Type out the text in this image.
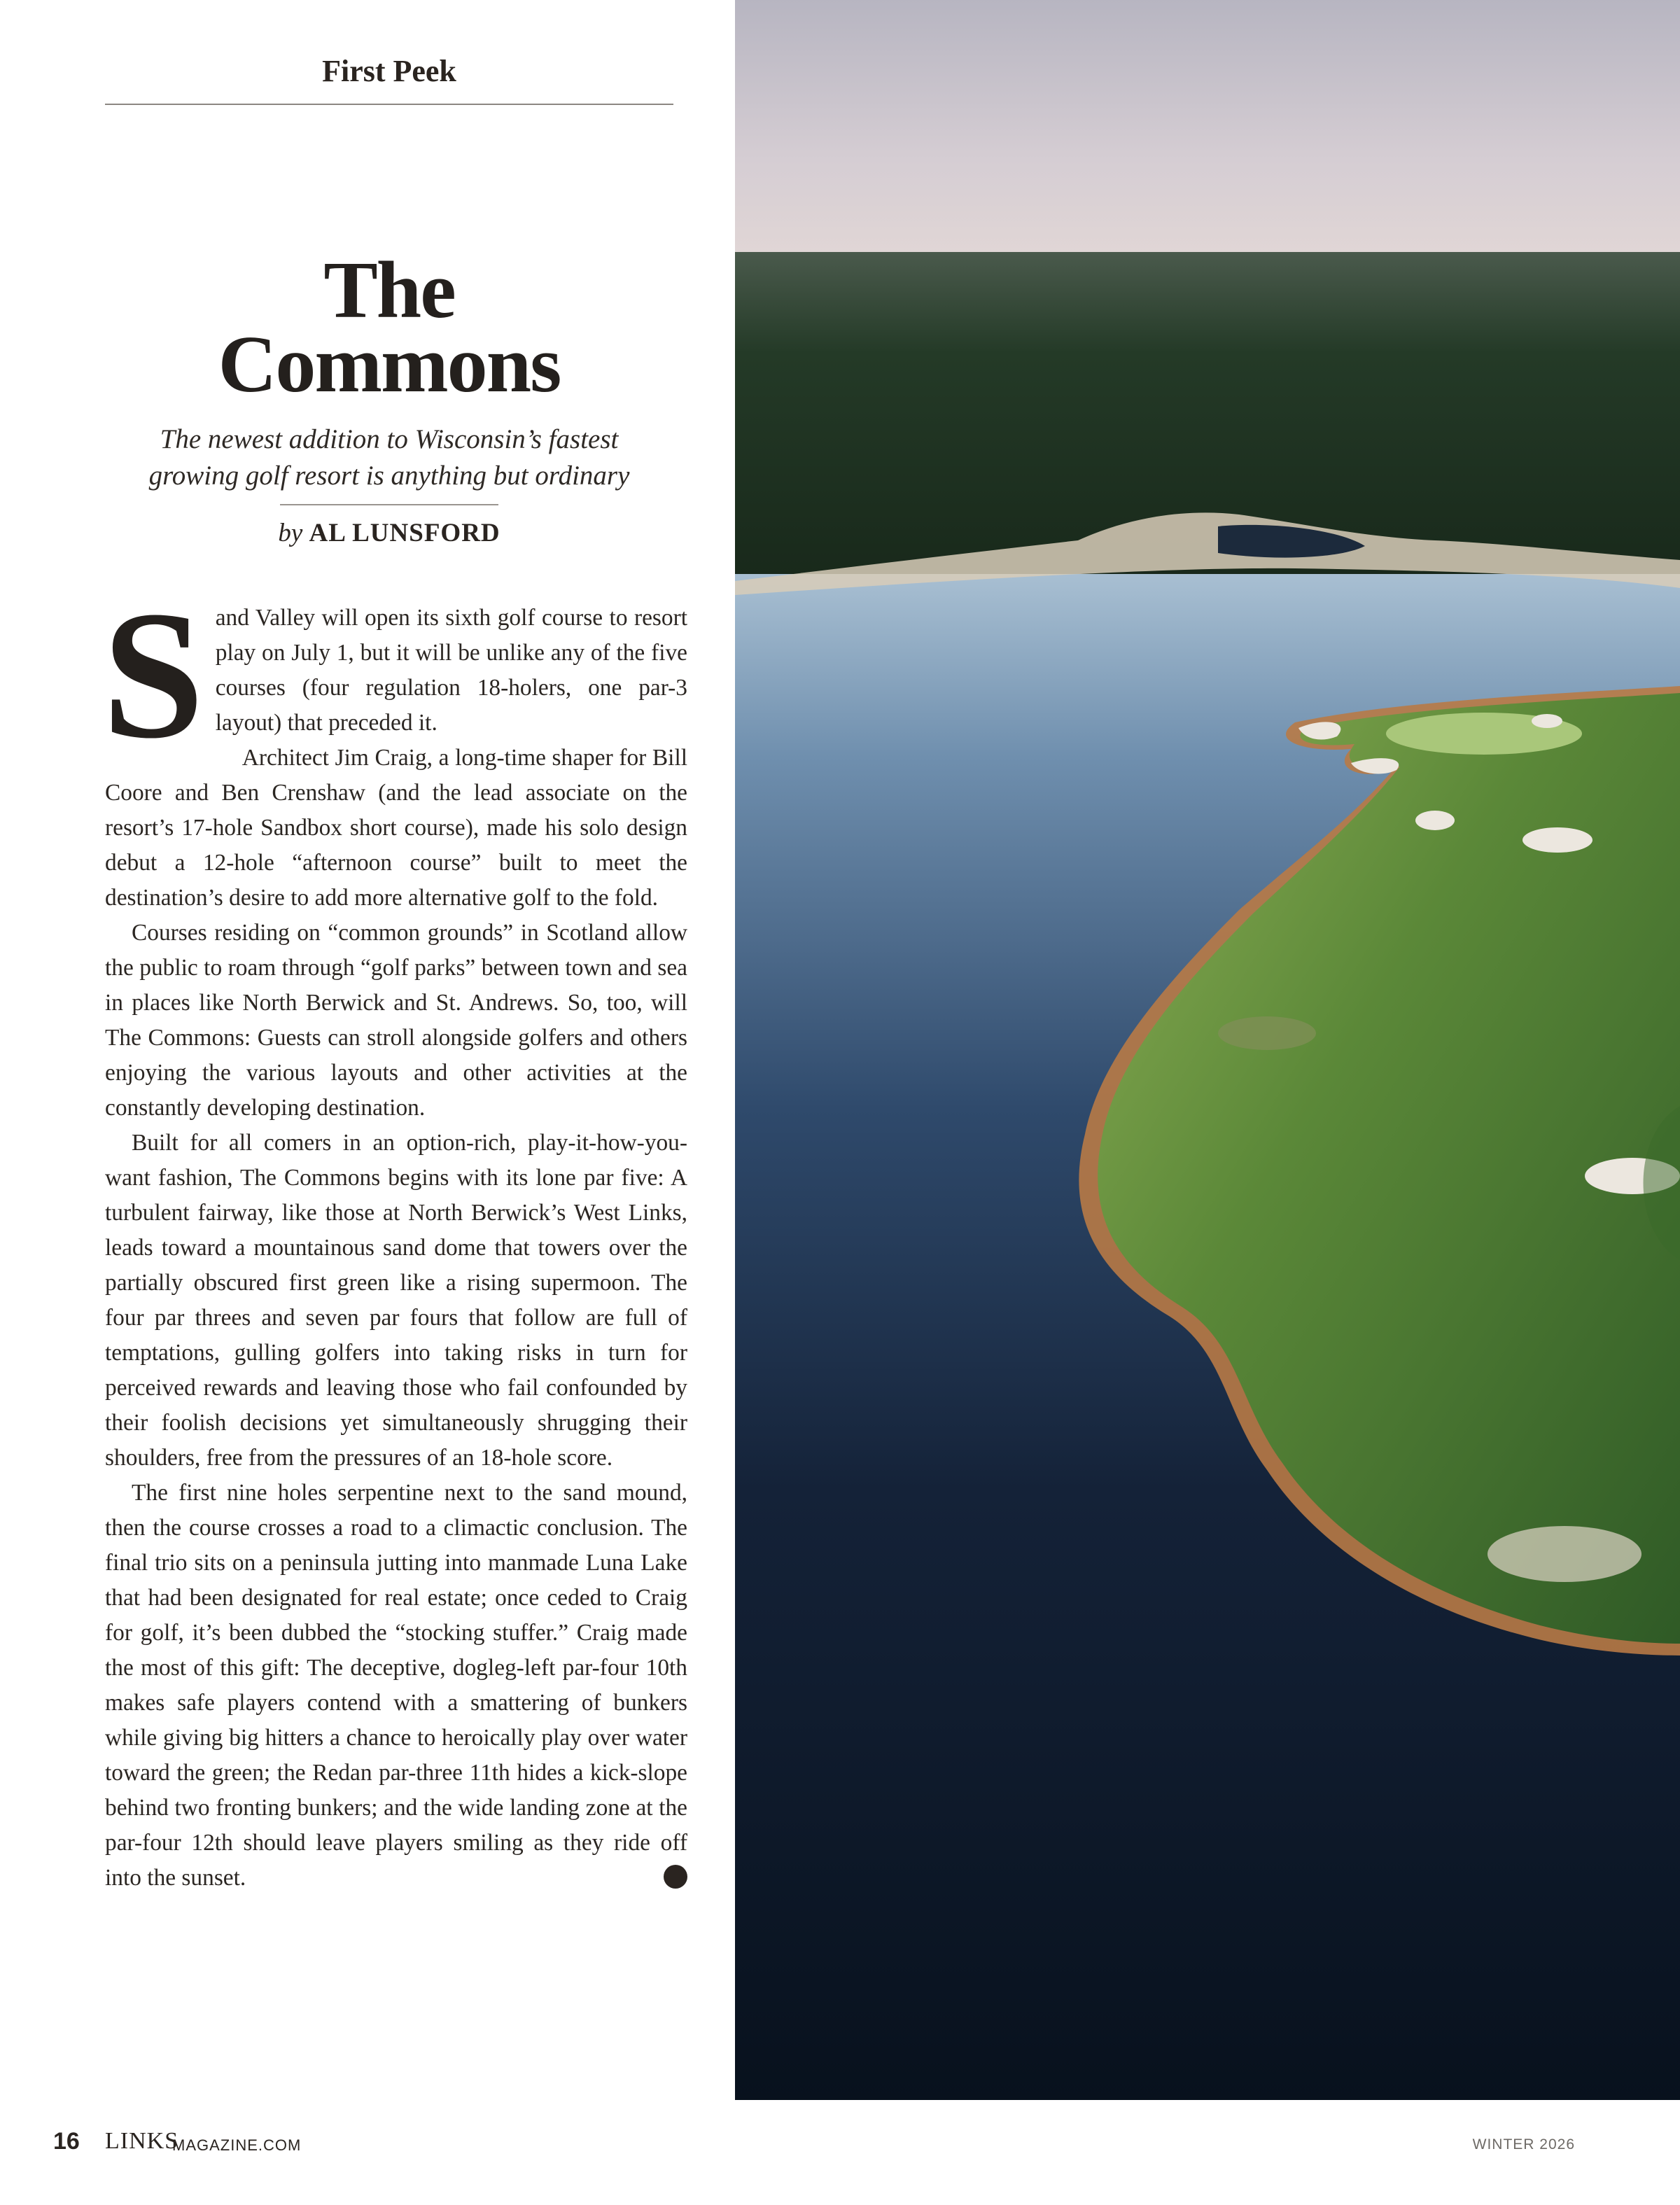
First Peek
The
Commons
The newest addition to Wisconsin’s fastest
growing golf resort is anything but ordinary
by AL LUNSFORD

Sand Valley will open its sixth golf course to resort play on July 1, but it will be unlike any of the five courses (four regulation 18-holers, one par-3 layout) that preceded it.

Architect Jim Craig, a long-time shaper for Bill Coore and Ben Crenshaw (and the lead associate on the resort’s 17-hole Sandbox short course), made his solo design debut a 12-hole “afternoon course” built to meet the destination’s desire to add more alternative golf to the fold.

Courses residing on “common grounds” in Scotland allow the public to roam through “golf parks” between town and sea in places like North Berwick and St. Andrews. So, too, will The Commons: Guests can stroll alongside golfers and others enjoying the various layouts and other activities at the constantly developing destination.

Built for all comers in an option-rich, play-it-how-you-want fashion, The Commons begins with its lone par five: A turbulent fairway, like those at North Berwick’s West Links, leads toward a mountainous sand dome that towers over the partially obscured first green like a rising supermoon. The four par threes and seven par fours that follow are full of temptations, gulling golfers into taking risks in turn for perceived rewards and leaving those who fail confounded by their foolish decisions yet simultaneously shrugging their shoulders, free from the pressures of an 18-hole score.

The first nine holes serpentine next to the sand mound, then the course crosses a road to a climactic conclusion. The final trio sits on a peninsula jutting into manmade Luna Lake that had been designated for real estate; once ceded to Craig for golf, it’s been dubbed the “stocking stuffer.” Craig made the most of this gift: The deceptive, dogleg-left par-four 10th makes safe players contend with a smattering of bunkers while giving big hitters a chance to heroically play over water toward the green; the Redan par-three 11th hides a kick-slope behind two fronting bunkers; and the wide landing zone at the par-four 12th should leave players smiling as they ride off into the sunset.	L

16 LINKS
MAGAZINE.COM	WINTER 2026
